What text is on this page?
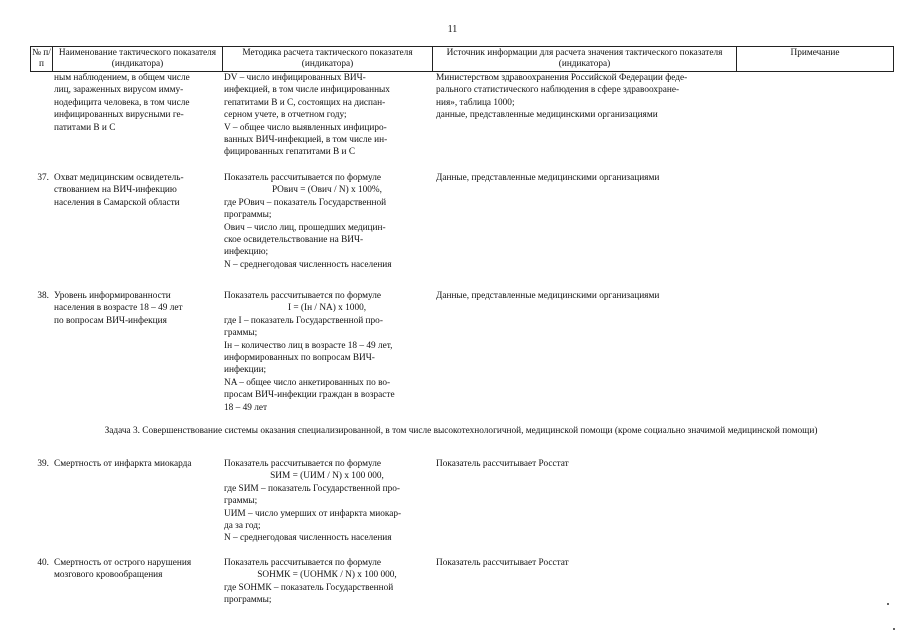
11
№ п/п
Наименование тактического показателя (индикатора)
Методика расчета тактического показателя (индикатора)
Источник информации для расчета значения тактического показателя (индикатора)
Примечание
ным наблюдением, в общем числе
лиц, зараженных вирусом имму-
нодефицита человека, в том числе
инфицированных вирусными ге-
патитами В и С
DV – число инфицированных ВИЧ-
инфекцией, в том числе инфицированных
гепатитами В и С, состоящих на диспан-
серном учете, в отчетном году;
V – общее число выявленных инфициро-
ванных ВИЧ-инфекцией, в том числе ин-
фицированных гепатитами В и С
Министерством здравоохранения Российской Федерации феде-
рального статистического наблюдения в сфере здравоохране-
ния», таблица 1000;
данные, представленные медицинскими организациями
37. Охват медицинским освидетель-
ствованием на ВИЧ-инфекцию
населения в Самарской области
Показатель рассчитывается по формуле
POвич = (Oвич / N) x 100%,
где POвич – показатель Государственной
программы;
Oвич – число лиц, прошедших медицин-
ское освидетельствование на ВИЧ-
инфекцию;
N – среднегодовая численность населения
Данные, представленные медицинскими организациями
38. Уровень информированности
населения в возрасте 18 – 49 лет
по вопросам ВИЧ-инфекция
Показатель рассчитывается по формуле
I = (Iн / NA) x 1000,
где I – показатель Государственной про-
граммы;
Iн – количество лиц в возрасте 18 – 49 лет,
информированных по вопросам ВИЧ-
инфекции;
NA – общее число анкетированных по во-
просам ВИЧ-инфекции граждан в возрасте
18 – 49 лет
Данные, представленные медицинскими организациями
Задача 3. Совершенствование системы оказания специализированной, в том числе высокотехнологичной, медицинской помощи (кроме социально значимой медицинской помощи)
39. Смертность от инфаркта миокарда	Показатель рассчитывается по формуле
SИМ = (UИМ / N) x 100 000,
где SИМ – показатель Государственной про-
граммы;
UИМ – число умерших от инфаркта миокар-
да за год;
N – среднегодовая численность населения
Показатель рассчитывает Росстат
40. Смертность от острого нарушения
мозгового кровообращения
Показатель рассчитывается по формуле
SОНМК = (UОНМК / N) x 100 000,
где SОНМК – показатель Государственной
программы;
Показатель рассчитывает Росстат
